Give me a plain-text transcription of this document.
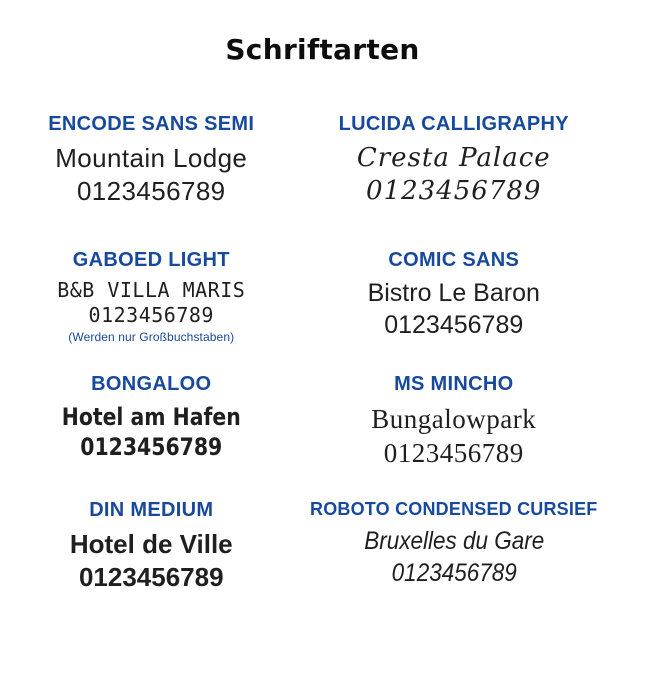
Schriftarten
ENCODE SANS SEMI
Mountain Lodge
0123456789
LUCIDA CALLIGRAPHY
Cresta Palace
0123456789
GABOED LIGHT
B&B VILLA MARIS
0123456789
(Werden nur Großbuchstaben)
COMIC SANS
Bistro Le Baron
0123456789
BONGALOO
Hotel am Hafen
0123456789
MS MINCHO
Bungalowpark
0123456789
DIN MEDIUM
Hotel de Ville
0123456789
ROBOTO CONDENSED CURSIEF
Bruxelles du Gare
0123456789
